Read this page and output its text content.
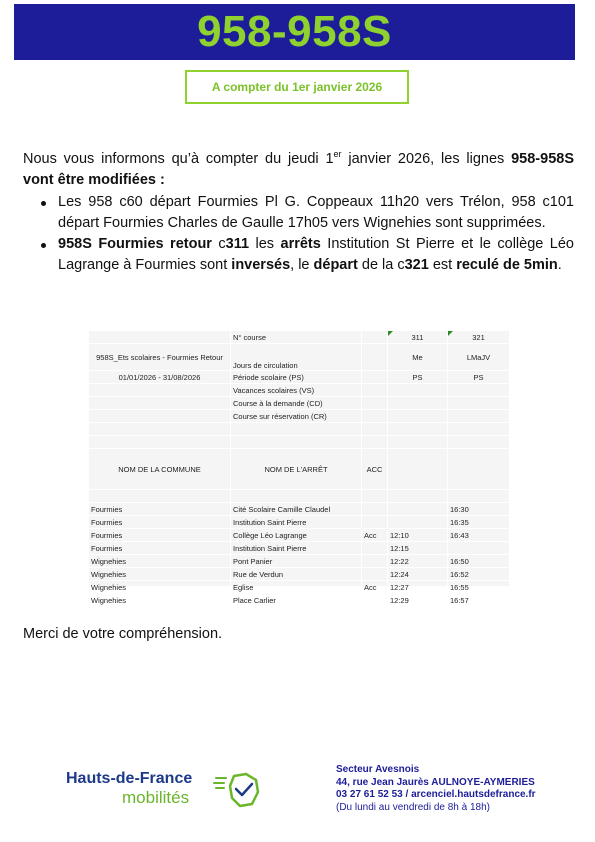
958-958S
A compter du 1er janvier 2026
Nous vous informons qu’à compter du jeudi 1er janvier 2026, les lignes 958-958S vont être modifiées :
Les 958 c60 départ Fourmies Pl G. Coppeaux 11h20 vers Trélon, 958 c101 départ Fourmies Charles de Gaulle 17h05 vers Wignehies sont supprimées.
958S Fourmies retour c311 les arrêts Institution St Pierre et le collège Léo Lagrange à Fourmies sont inversés, le départ de la c321 est reculé de 5min.
	N° course		311	321
958S_Ets scolaires - Fourmies Retour	Jours de circulation		Me	LMaJV
01/01/2026 - 31/08/2026	Période scolaire (PS)		PS	PS
	Vacances scolaires (VS)			
	Course à la demande (CD)			
	Course sur réservation (CR)			

NOM DE LA COMMUNE	NOM DE L'ARRÊT	ACC		

Fourmies	Cité Scolaire Camille Claudel			16:30
Fourmies	Institution Saint Pierre			16:35
Fourmies	Collège Léo Lagrange	Acc	12:10	16:43
Fourmies	Institution Saint Pierre		12:15	
Wignehies	Pont Panier		12:22	16:50
Wignehies	Rue de Verdun		12:24	16:52
Wignehies	Eglise	Acc	12:27	16:55
Wignehies	Place Carlier		12:29	16:57
Merci de votre compréhension.
Hauts-de-France
mobilités
Secteur Avesnois
44, rue Jean Jaurès AULNOYE-AYMERIES
03 27 61 52 53 / arcenciel.hautsdefrance.fr
(Du lundi au vendredi de 8h à 18h)
